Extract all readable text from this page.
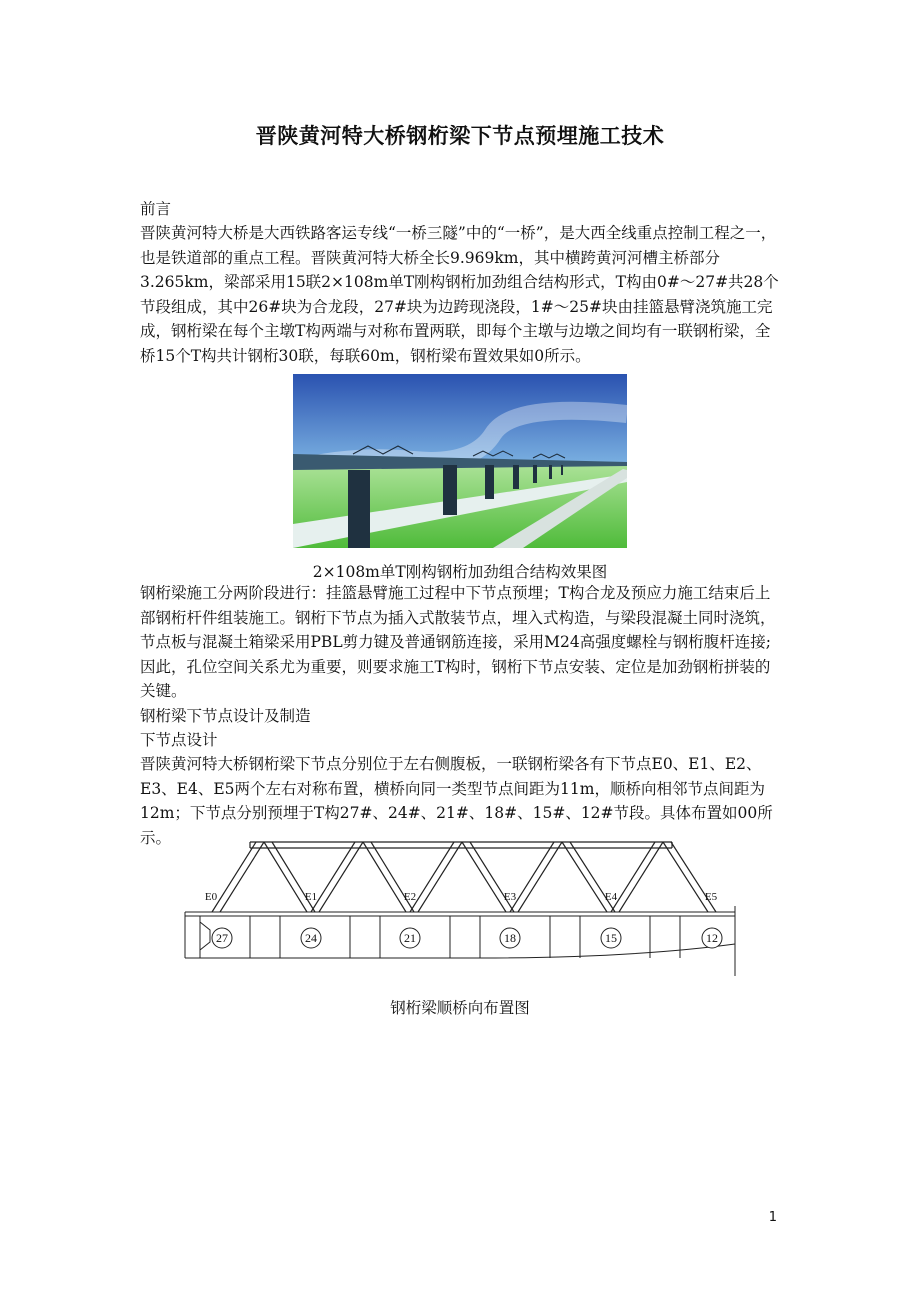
晋陕黄河特大桥钢桁梁下节点预埋施工技术
前言

晋陕黄河特大桥是大西铁路客运专线“一桥三隧”中的“一桥”，是大西全线重点控制工程之一，也是铁道部的重点工程。晋陕黄河特大桥全长9.969km，其中横跨黄河河槽主桥部分3.265km，梁部采用15联2×108m单T刚构钢桁加劲组合结构形式，T构由0#～27#共28个节段组成，其中26#块为合龙段，27#块为边跨现浇段，1#～25#块由挂篮悬臂浇筑施工完成，钢桁梁在每个主墩T构两端与对称布置两联，即每个主墩与边墩之间均有一联钢桁梁，全桥15个T构共计钢桁30联，每联60m，钢桁梁布置效果如0所示。

2×108m单T刚构钢桁加劲组合结构效果图

钢桁梁施工分两阶段进行：挂篮悬臂施工过程中下节点预埋；T构合龙及预应力施工结束后上部钢桁杆件组装施工。钢桁下节点为插入式散装节点，埋入式构造，与梁段混凝土同时浇筑，节点板与混凝土箱梁采用PBL剪力键及普通钢筋连接，采用M24高强度螺栓与钢桁腹杆连接;因此，孔位空间关系尤为重要，则要求施工T构时，钢桁下节点安装、定位是加劲钢桁拼装的关键。

钢桁梁下节点设计及制造
下节点设计

晋陕黄河特大桥钢桁梁下节点分别位于左右侧腹板，一联钢桁梁各有下节点E0、E1、E2、E3、E4、E5两个左右对称布置，横桥向同一类型节点间距为11m，顺桥向相邻节点间距为12m；下节点分别预埋于T构27#、24#、21#、18#、15#、12#节段。具体布置如00所示。

27	24	21	18	15	12
E0	E1	E2	E3	E4	E5
钢桁梁顺桥向布置图
1
